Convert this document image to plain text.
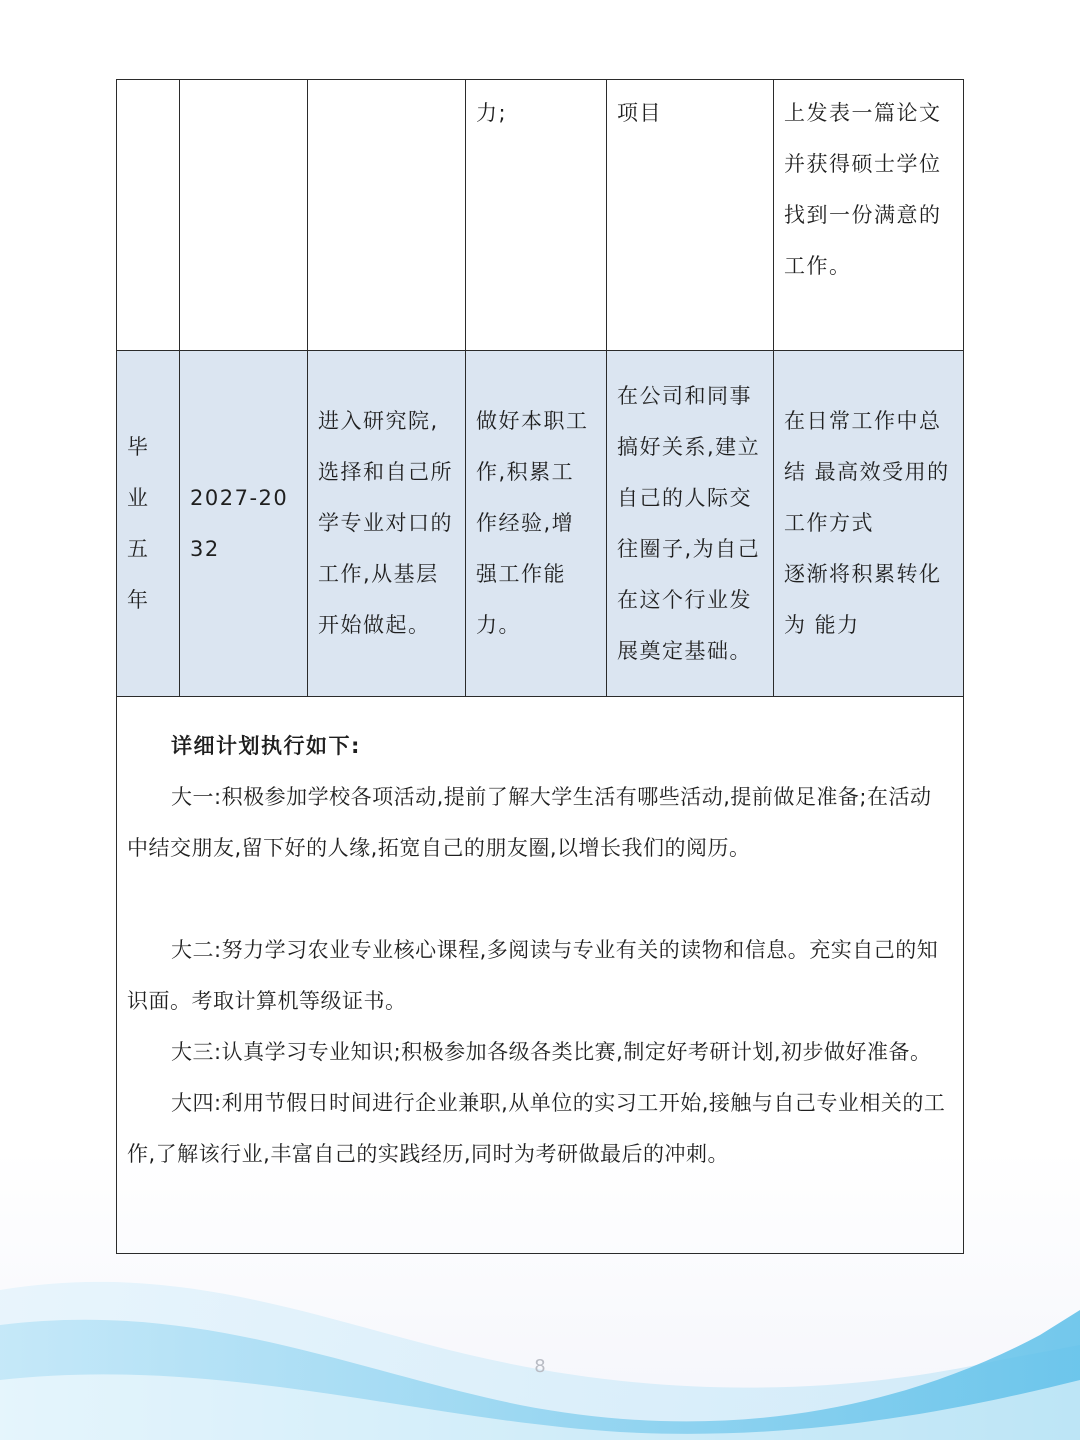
			力;	项目	上发表一篇论文并获得硕士学位找到一份满意的工作。

毕业五年	2027-2032	进入研究院,选择和自己所学专业对口的工作,从基层开始做起。	做好本职工作,积累工作经验,增强工作能力。	在公司和同事搞好关系,建立自己的人际交往圈子,为自己在这个行业发展奠定基础。	在日常工作中总结 最高效受用的工作方式
逐渐将积累转化为 能力

详细计划执行如下:
大一:积极参加学校各项活动,提前了解大学生活有哪些活动,提前做足准备;在活动 中结交朋友,留下好的人缘,拓宽自己的朋友圈,以增长我们的阅历。
大二:努力学习农业专业核心课程,多阅读与专业有关的读物和信息。充实自己的知识面。考取计算机等级证书。
大三:认真学习专业知识;积极参加各级各类比赛,制定好考研计划,初步做好准备。
大四:利用节假日时间进行企业兼职,从单位的实习工开始,接触与自己专业相关的工作,了解该行业,丰富自己的实践经历,同时为考研做最后的冲刺。					
8
